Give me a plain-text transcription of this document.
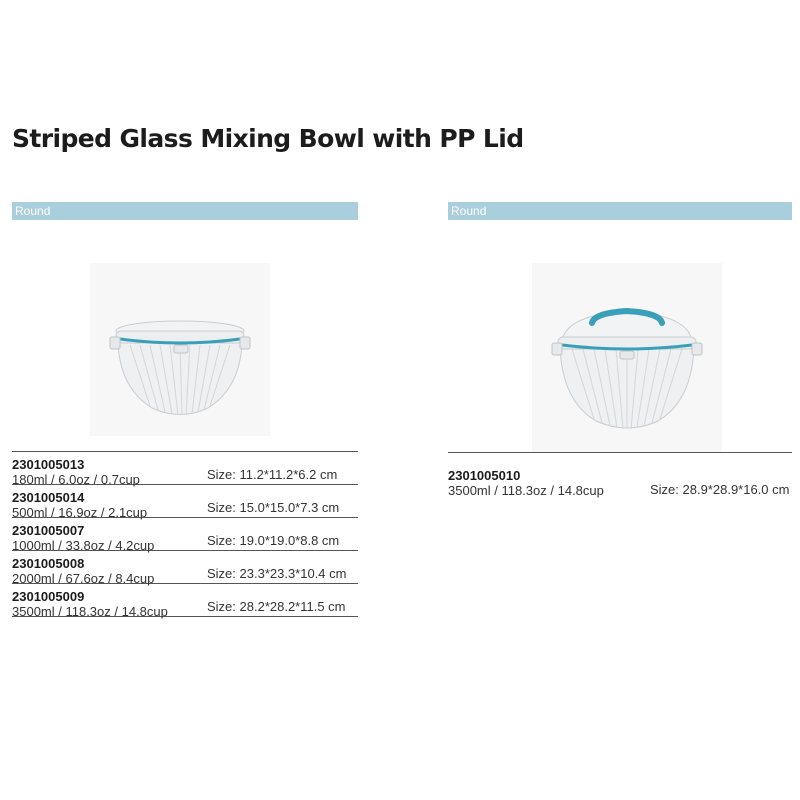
Striped Glass Mixing Bowl with PP Lid
Round
2301005013
180ml / 6.0oz / 0.7cup	Size: 11.2*11.2*6.2 cm
2301005014
500ml / 16.9oz / 2.1cup	Size: 15.0*15.0*7.3 cm
2301005007
1000ml / 33.8oz / 4.2cup	Size: 19.0*19.0*8.8 cm
2301005008
2000ml / 67.6oz / 8.4cup	Size: 23.3*23.3*10.4 cm
2301005009
3500ml / 118.3oz / 14.8cup	Size: 28.2*28.2*11.5 cm
Round
2301005010
3500ml / 118.3oz / 14.8cup	Size: 28.9*28.9*16.0 cm
